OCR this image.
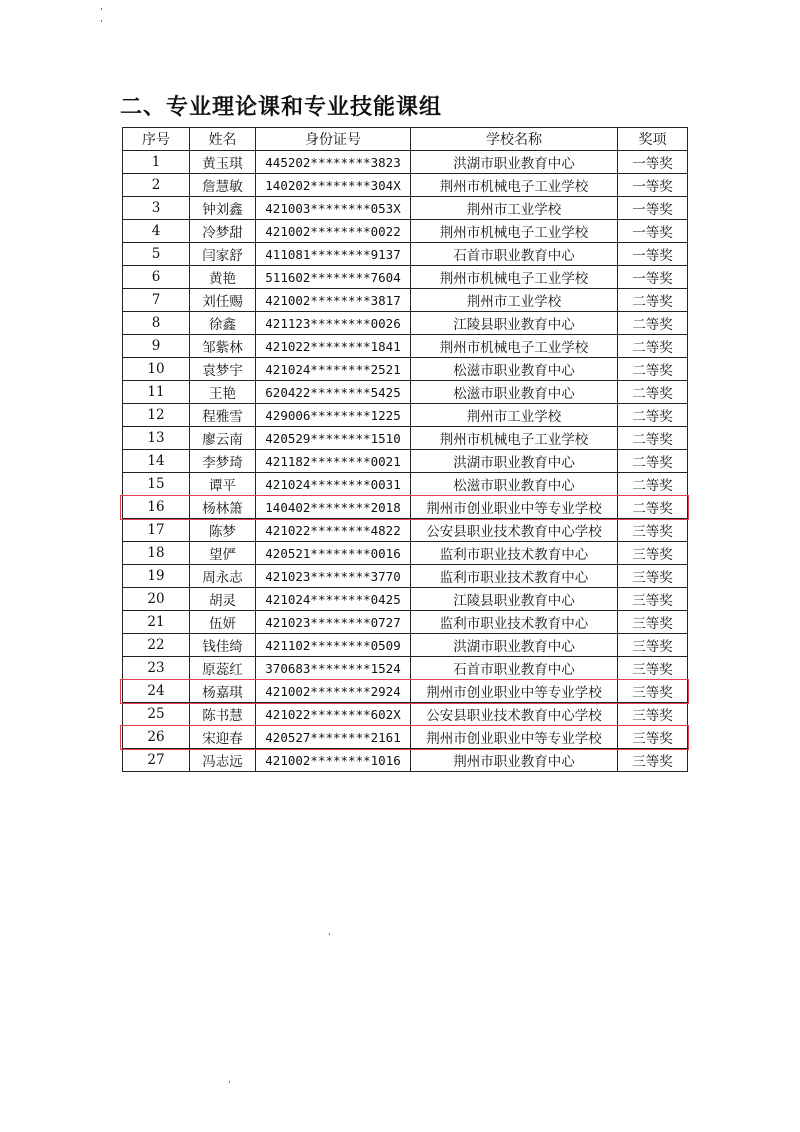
二、专业理论课和专业技能课组
序号	姓名	身份证号	学校名称	奖项
1	黄玉琪	445202********3823	洪湖市职业教育中心	一等奖
2	詹慧敏	140202********304X	荆州市机械电子工业学校	一等奖
3	钟刘鑫	421003********053X	荆州市工业学校	一等奖
4	冷梦甜	421002********0022	荆州市机械电子工业学校	一等奖
5	闫家舒	411081********9137	石首市职业教育中心	一等奖
6	黄艳	511602********7604	荆州市机械电子工业学校	一等奖
7	刘任赐	421002********3817	荆州市工业学校	二等奖
8	徐鑫	421123********0026	江陵县职业教育中心	二等奖
9	邹紫林	421022********1841	荆州市机械电子工业学校	二等奖
10	袁梦宇	421024********2521	松滋市职业教育中心	二等奖
11	王艳	620422********5425	松滋市职业教育中心	二等奖
12	程雅雪	429006********1225	荆州市工业学校	二等奖
13	廖云南	420529********1510	荆州市机械电子工业学校	二等奖
14	李梦琦	421182********0021	洪湖市职业教育中心	二等奖
15	谭平	421024********0031	松滋市职业教育中心	二等奖
16	杨林箫	140402********2018	荆州市创业职业中等专业学校	二等奖
17	陈梦	421022********4822	公安县职业技术教育中心学校	三等奖
18	望俨	420521********0016	监利市职业技术教育中心	三等奖
19	周永志	421023********3770	监利市职业技术教育中心	三等奖
20	胡灵	421024********0425	江陵县职业教育中心	三等奖
21	伍妍	421023********0727	监利市职业技术教育中心	三等奖
22	钱佳绮	421102********0509	洪湖市职业教育中心	三等奖
23	原蕊红	370683********1524	石首市职业教育中心	三等奖
24	杨嘉琪	421002********2924	荆州市创业职业中等专业学校	三等奖
25	陈书慧	421022********602X	公安县职业技术教育中心学校	三等奖
26	宋迎春	420527********2161	荆州市创业职业中等专业学校	三等奖
27	冯志远	421002********1016	荆州市职业教育中心	三等奖
